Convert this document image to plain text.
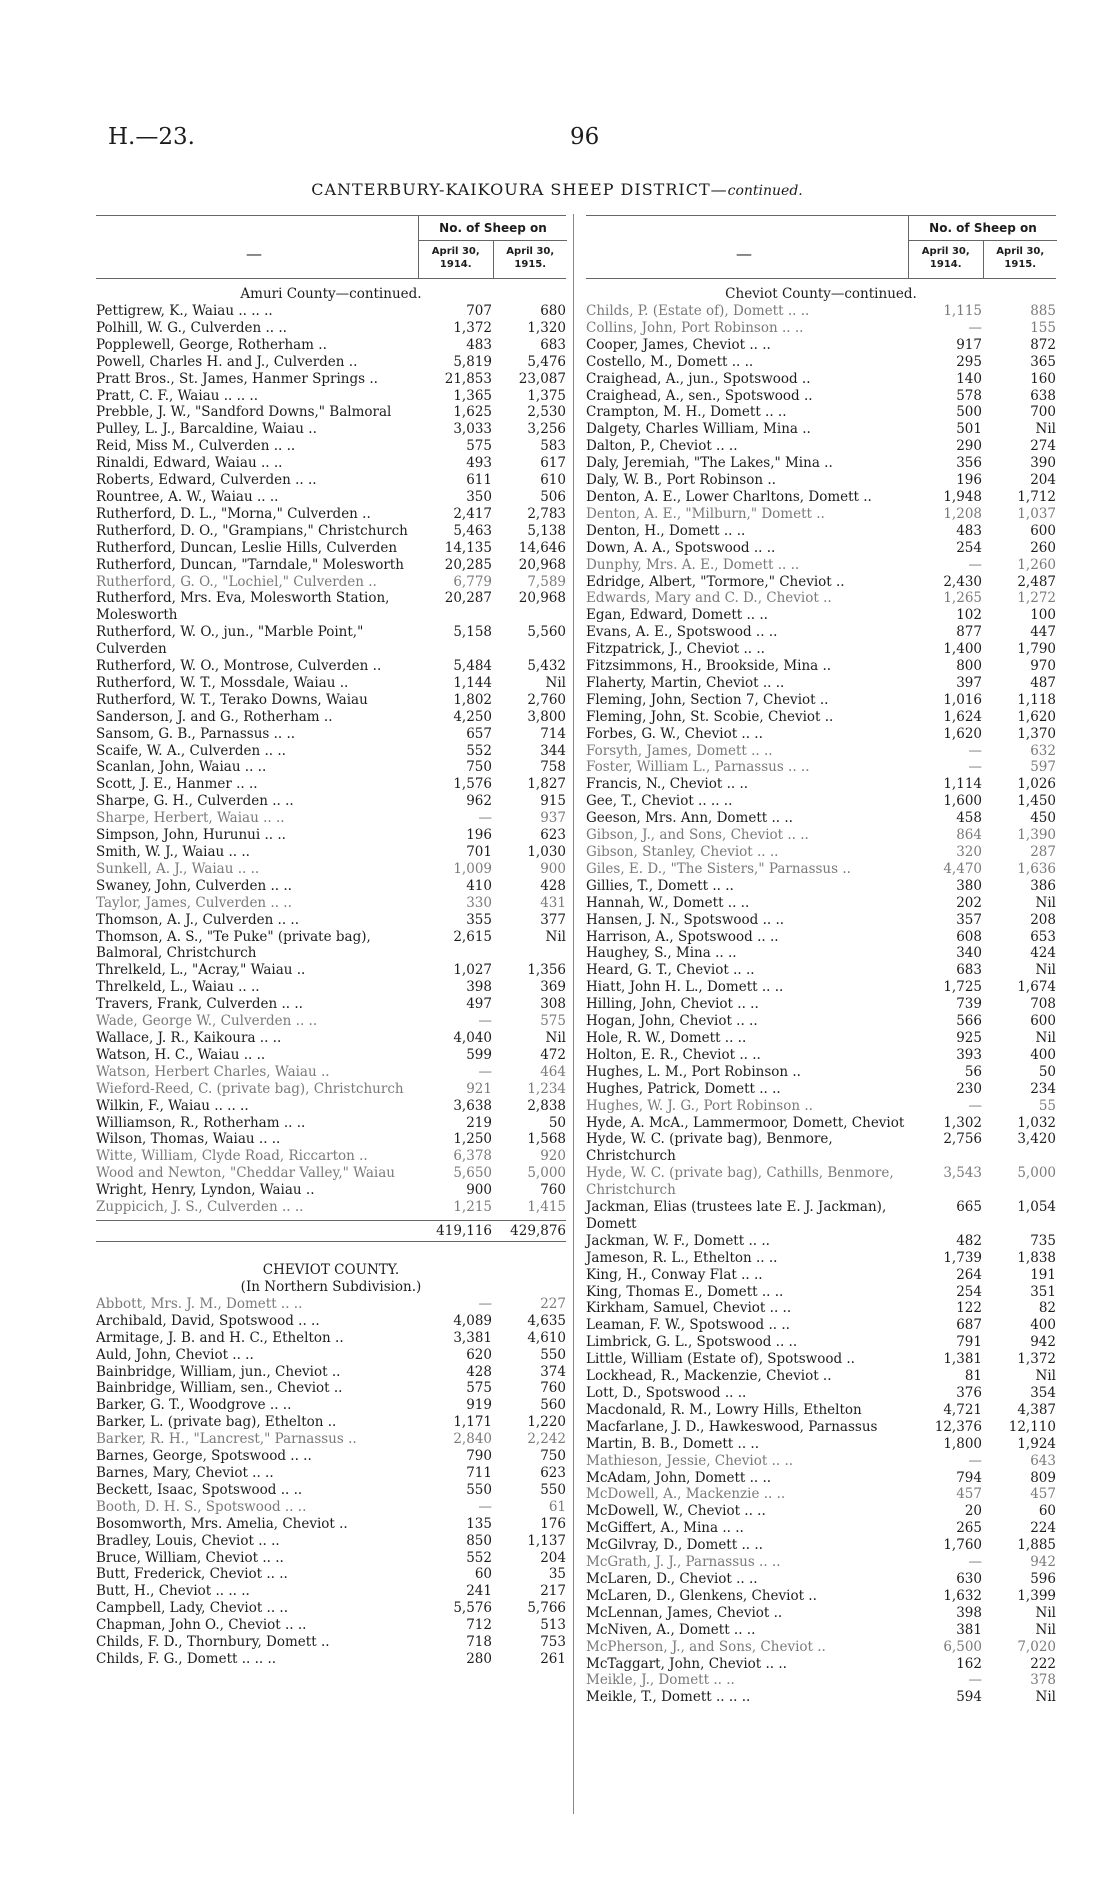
H.—23.	96
CANTERBURY-KAIKOURA SHEEP DISTRICT—continued.
—
No. of Sheep on
April 30, 1914.
April 30, 1915.
Amuri County—continued.
Pettigrew, K., Waiau .. .. ..	707	680
Polhill, W. G., Culverden .. ..	1,372	1,320
Popplewell, George, Rotherham ..	483	683
Powell, Charles H. and J., Culverden ..	5,819	5,476
Pratt Bros., St. James, Hanmer Springs ..	21,853	23,087
Pratt, C. F., Waiau .. .. ..	1,365	1,375
Prebble, J. W., "Sandford Downs," Balmoral	1,625	2,530
Pulley, L. J., Barcaldine, Waiau ..	3,033	3,256
Reid, Miss M., Culverden .. ..	575	583
Rinaldi, Edward, Waiau .. ..	493	617
Roberts, Edward, Culverden .. ..	611	610
Rountree, A. W., Waiau .. ..	350	506
Rutherford, D. L., "Morna," Culverden ..	2,417	2,783
Rutherford, D. O., "Grampians," Christchurch	5,463	5,138
Rutherford, Duncan, Leslie Hills, Culverden	14,135	14,646
Rutherford, Duncan, "Tarndale," Molesworth	20,285	20,968
Rutherford, G. O., "Lochiel," Culverden ..	6,779	7,589
Rutherford, Mrs. Eva, Molesworth Station, Molesworth
20,287	20,968
Rutherford, W. O., jun., "Marble Point," Culverden
5,158	5,560
Rutherford, W. O., Montrose, Culverden ..	5,484	5,432
Rutherford, W. T., Mossdale, Waiau ..	1,144	Nil
Rutherford, W. T., Terako Downs, Waiau	1,802	2,760
Sanderson, J. and G., Rotherham ..	4,250	3,800
Sansom, G. B., Parnassus .. ..	657	714
Scaife, W. A., Culverden .. ..	552	344
Scanlan, John, Waiau .. ..	750	758
Scott, J. E., Hanmer .. ..	1,576	1,827
Sharpe, G. H., Culverden .. ..	962	915
Sharpe, Herbert, Waiau .. ..	—	937
Simpson, John, Hurunui .. ..	196	623
Smith, W. J., Waiau .. ..	701	1,030
Sunkell, A. J., Waiau .. ..	1,009	900
Swaney, John, Culverden .. ..	410	428
Taylor, James, Culverden .. ..	330	431
Thomson, A. J., Culverden .. ..	355	377
Thomson, A. S., "Te Puke" (private bag), Balmoral, Christchurch
2,615	Nil
Threlkeld, L., "Acray," Waiau ..	1,027	1,356
Threlkeld, L., Waiau .. ..	398	369
Travers, Frank, Culverden .. ..	497	308
Wade, George W., Culverden .. ..	—	575
Wallace, J. R., Kaikoura .. ..	4,040	Nil
Watson, H. C., Waiau .. ..	599	472
Watson, Herbert Charles, Waiau ..	—	464
Wieford-Reed, C. (private bag), Christchurch	921	1,234
Wilkin, F., Waiau .. .. ..	3,638	2,838
Williamson, R., Rotherham .. ..	219	50
Wilson, Thomas, Waiau .. ..	1,250	1,568
Witte, William, Clyde Road, Riccarton ..	6,378	920
Wood and Newton, "Cheddar Valley," Waiau	5,650	5,000
Wright, Henry, Lyndon, Waiau ..	900	760
Zuppicich, J. S., Culverden .. ..	1,215	1,415
419,116	429,876
CHEVIOT COUNTY.
(In Northern Subdivision.)
Abbott, Mrs. J. M., Domett .. ..	—	227
Archibald, David, Spotswood .. ..	4,089	4,635
Armitage, J. B. and H. C., Ethelton ..	3,381	4,610
Auld, John, Cheviot .. ..	620	550
Bainbridge, William, jun., Cheviot ..	428	374
Bainbridge, William, sen., Cheviot ..	575	760
Barker, G. T., Woodgrove .. ..	919	560
Barker, L. (private bag), Ethelton ..	1,171	1,220
Barker, R. H., "Lancrest," Parnassus ..	2,840	2,242
Barnes, George, Spotswood .. ..	790	750
Barnes, Mary, Cheviot .. ..	711	623
Beckett, Isaac, Spotswood .. ..	550	550
Booth, D. H. S., Spotswood .. ..	—	61
Bosomworth, Mrs. Amelia, Cheviot ..	135	176
Bradley, Louis, Cheviot .. ..	850	1,137
Bruce, William, Cheviot .. ..	552	204
Butt, Frederick, Cheviot .. ..	60	35
Butt, H., Cheviot .. .. ..	241	217
Campbell, Lady, Cheviot .. ..	5,576	5,766
Chapman, John O., Cheviot .. ..	712	513
Childs, F. D., Thornbury, Domett ..	718	753
Childs, F. G., Domett .. .. ..	280	261
—
No. of Sheep on
April 30, 1914.
April 30, 1915.
Cheviot County—continued.
Childs, P. (Estate of), Domett .. ..	1,115	885
Collins, John, Port Robinson .. ..	—	155
Cooper, James, Cheviot .. ..	917	872
Costello, M., Domett .. ..	295	365
Craighead, A., jun., Spotswood ..	140	160
Craighead, A., sen., Spotswood ..	578	638
Crampton, M. H., Domett .. ..	500	700
Dalgety, Charles William, Mina ..	501	Nil
Dalton, P., Cheviot .. ..	290	274
Daly, Jeremiah, "The Lakes," Mina ..	356	390
Daly, W. B., Port Robinson ..	196	204
Denton, A. E., Lower Charltons, Domett ..	1,948	1,712
Denton, A. E., "Milburn," Domett ..	1,208	1,037
Denton, H., Domett .. ..	483	600
Down, A. A., Spotswood .. ..	254	260
Dunphy, Mrs. A. E., Domett .. ..	—	1,260
Edridge, Albert, "Tormore," Cheviot ..	2,430	2,487
Edwards, Mary and C. D., Cheviot ..	1,265	1,272
Egan, Edward, Domett .. ..	102	100
Evans, A. E., Spotswood .. ..	877	447
Fitzpatrick, J., Cheviot .. ..	1,400	1,790
Fitzsimmons, H., Brookside, Mina ..	800	970
Flaherty, Martin, Cheviot .. ..	397	487
Fleming, John, Section 7, Cheviot ..	1,016	1,118
Fleming, John, St. Scobie, Cheviot ..	1,624	1,620
Forbes, G. W., Cheviot .. ..	1,620	1,370
Forsyth, James, Domett .. ..	—	632
Foster, William L., Parnassus .. ..	—	597
Francis, N., Cheviot .. ..	1,114	1,026
Gee, T., Cheviot .. .. ..	1,600	1,450
Geeson, Mrs. Ann, Domett .. ..	458	450
Gibson, J., and Sons, Cheviot .. ..	864	1,390
Gibson, Stanley, Cheviot .. ..	320	287
Giles, E. D., "The Sisters," Parnassus ..	4,470	1,636
Gillies, T., Domett .. ..	380	386
Hannah, W., Domett .. ..	202	Nil
Hansen, J. N., Spotswood .. ..	357	208
Harrison, A., Spotswood .. ..	608	653
Haughey, S., Mina .. ..	340	424
Heard, G. T., Cheviot .. ..	683	Nil
Hiatt, John H. L., Domett .. ..	1,725	1,674
Hilling, John, Cheviot .. ..	739	708
Hogan, John, Cheviot .. ..	566	600
Hole, R. W., Domett .. ..	925	Nil
Holton, E. R., Cheviot .. ..	393	400
Hughes, L. M., Port Robinson ..	56	50
Hughes, Patrick, Domett .. ..	230	234
Hughes, W. J. G., Port Robinson ..	—	55
Hyde, A. McA., Lammermoor, Domett, Cheviot	1,302	1,032
Hyde, W. C. (private bag), Benmore, Christchurch
2,756	3,420
Hyde, W. C. (private bag), Cathills, Benmore, Christchurch
3,543	5,000
Jackman, Elias (trustees late E. J. Jackman), Domett
665	1,054
Jackman, W. F., Domett .. ..	482	735
Jameson, R. L., Ethelton .. ..	1,739	1,838
King, H., Conway Flat .. ..	264	191
King, Thomas E., Domett .. ..	254	351
Kirkham, Samuel, Cheviot .. ..	122	82
Leaman, F. W., Spotswood .. ..	687	400
Limbrick, G. L., Spotswood .. ..	791	942
Little, William (Estate of), Spotswood ..	1,381	1,372
Lockhead, R., Mackenzie, Cheviot ..	81	Nil
Lott, D., Spotswood .. ..	376	354
Macdonald, R. M., Lowry Hills, Ethelton	4,721	4,387
Macfarlane, J. D., Hawkeswood, Parnassus	12,376	12,110
Martin, B. B., Domett .. ..	1,800	1,924
Mathieson, Jessie, Cheviot .. ..	—	643
McAdam, John, Domett .. ..	794	809
McDowell, A., Mackenzie .. ..	457	457
McDowell, W., Cheviot .. ..	20	60
McGiffert, A., Mina .. ..	265	224
McGilvray, D., Domett .. ..	1,760	1,885
McGrath, J. J., Parnassus .. ..	—	942
McLaren, D., Cheviot .. ..	630	596
McLaren, D., Glenkens, Cheviot ..	1,632	1,399
McLennan, James, Cheviot ..	398	Nil
McNiven, A., Domett .. ..	381	Nil
McPherson, J., and Sons, Cheviot ..	6,500	7,020
McTaggart, John, Cheviot .. ..	162	222
Meikle, J., Domett .. ..	—	378
Meikle, T., Domett .. .. ..	594	Nil
